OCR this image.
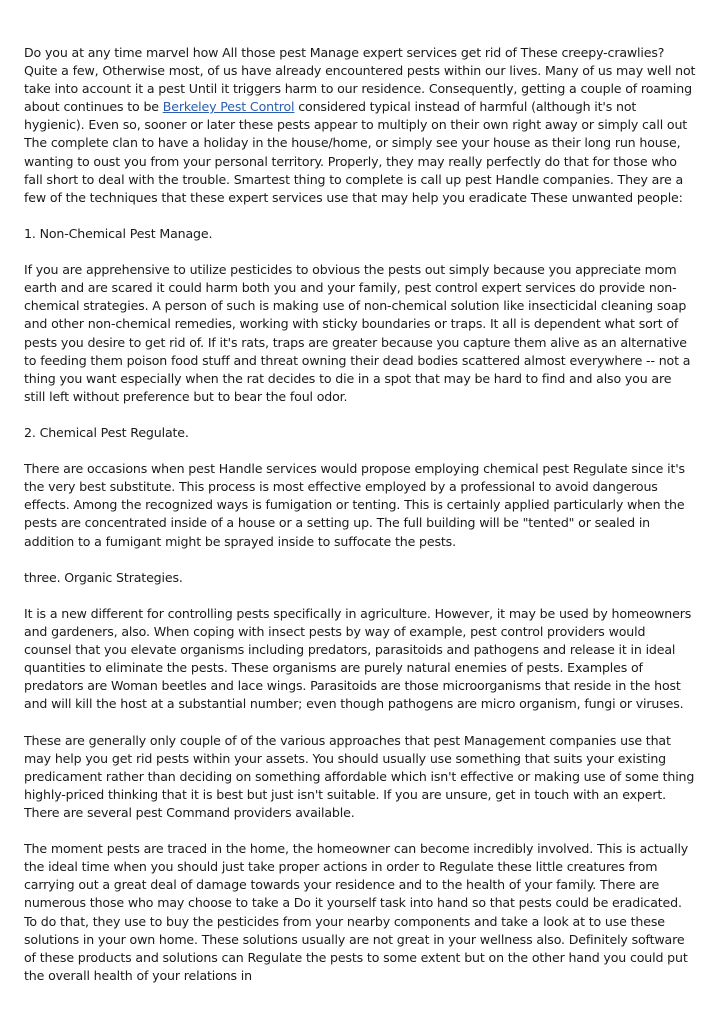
Do you at any time marvel how All those pest Manage expert services get rid of These creepy-crawlies? Quite a few, Otherwise most, of us have already encountered pests within our lives. Many of us may well not take into account it a pest Until it triggers harm to our residence. Consequently, getting a couple of roaming about continues to be Berkeley Pest Control considered typical instead of harmful (although it's not hygienic). Even so, sooner or later these pests appear to multiply on their own right away or simply call out The complete clan to have a holiday in the house/home, or simply see your house as their long run house, wanting to oust you from your personal territory. Properly, they may really perfectly do that for those who fall short to deal with the trouble. Smartest thing to complete is call up pest Handle companies. They are a few of the techniques that these expert services use that may help you eradicate These unwanted people:

1. Non-Chemical Pest Manage.

If you are apprehensive to utilize pesticides to obvious the pests out simply because you appreciate mom earth and are scared it could harm both you and your family, pest control expert services do provide non-chemical strategies. A person of such is making use of non-chemical solution like insecticidal cleaning soap and other non-chemical remedies, working with sticky boundaries or traps. It all is dependent what sort of pests you desire to get rid of. If it's rats, traps are greater because you capture them alive as an alternative to feeding them poison food stuff and threat owning their dead bodies scattered almost everywhere -- not a thing you want especially when the rat decides to die in a spot that may be hard to find and also you are still left without preference but to bear the foul odor.

2. Chemical Pest Regulate.

There are occasions when pest Handle services would propose employing chemical pest Regulate since it's the very best substitute. This process is most effective employed by a professional to avoid dangerous effects. Among the recognized ways is fumigation or tenting. This is certainly applied particularly when the pests are concentrated inside of a house or a setting up. The full building will be "tented" or sealed in addition to a fumigant might be sprayed inside to suffocate the pests.

three. Organic Strategies.

It is a new different for controlling pests specifically in agriculture. However, it may be used by homeowners and gardeners, also. When coping with insect pests by way of example, pest control providers would counsel that you elevate organisms including predators, parasitoids and pathogens and release it in ideal quantities to eliminate the pests. These organisms are purely natural enemies of pests. Examples of predators are Woman beetles and lace wings. Parasitoids are those microorganisms that reside in the host and will kill the host at a substantial number; even though pathogens are micro organism, fungi or viruses.

These are generally only couple of of the various approaches that pest Management companies use that may help you get rid pests within your assets. You should usually use something that suits your existing predicament rather than deciding on something affordable which isn't effective or making use of some thing highly-priced thinking that it is best but just isn't suitable. If you are unsure, get in touch with an expert. There are several pest Command providers available.

The moment pests are traced in the home, the homeowner can become incredibly involved. This is actually the ideal time when you should just take proper actions in order to Regulate these little creatures from carrying out a great deal of damage towards your residence and to the health of your family. There are numerous those who may choose to take a Do it yourself task into hand so that pests could be eradicated. To do that, they use to buy the pesticides from your nearby components and take a look at to use these solutions in your own home. These solutions usually are not great in your wellness also. Definitely software of these products and solutions can Regulate the pests to some extent but on the other hand you could put the overall health of your relations in
